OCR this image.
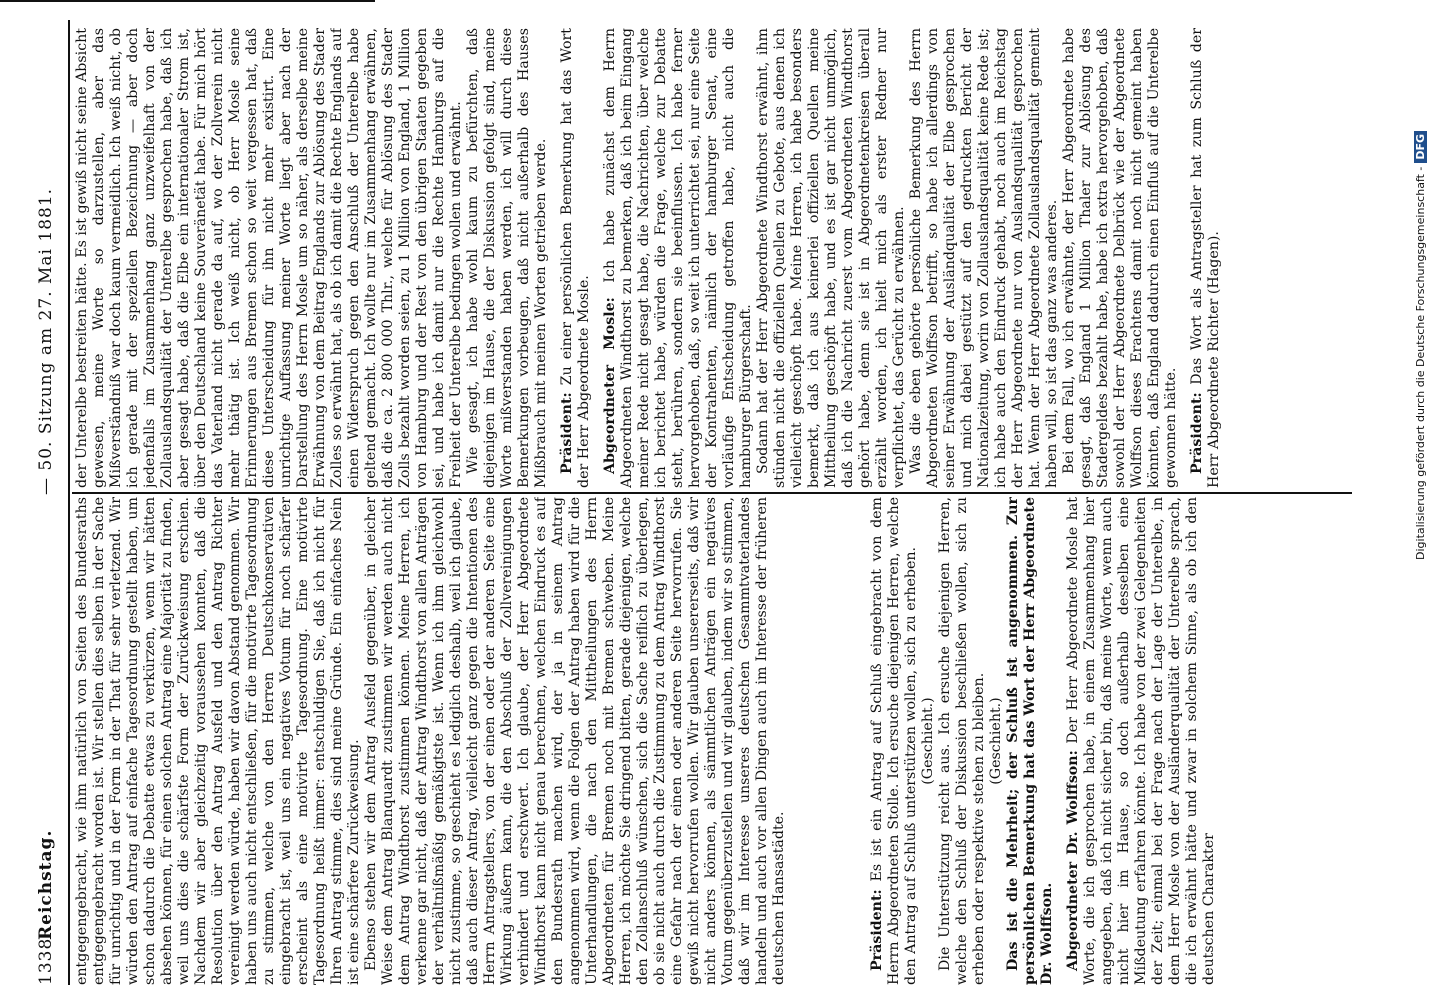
1338
Reichstag.
— 50. Sitzung am 27. Mai 1881.

entgegengebracht, wie ihm natürlich von Seiten des Bundesraths entgegengebracht worden ist. Wir stellen dies selben in der Sache für unrichtig und in der Form in der That für sehr verletzend. Wir würden den Antrag auf einfache Tagesordnung gestellt haben, um schon dadurch die Debatte etwas zu verkürzen, wenn wir hätten absehen können, für einen solchen Antrag eine Majorität zu finden, weil uns dies die schärfste Form der Zurückweisung erschien. Nachdem wir aber gleichzeitig voraussehen konnten, daß die Resolution über den Antrag Ausfeld und den Antrag Richter vereinigt werden würde, haben wir davon Abstand genommen. Wir haben uns auch nicht entschließen, für die motivirte Tagesordnung zu stimmen, welche von den Herren Deutschkonservativen eingebracht ist, weil uns ein negatives Votum für noch schärfer erscheint als eine motivirte Tagesordnung. Eine motivirte Tagesordnung heißt immer: entschuldigen Sie, daß ich nicht für Ihren Antrag stimme, dies sind meine Gründe. Ein einfaches Nein ist eine schärfere Zurückweisung. Ebenso stehen wir dem Antrag Ausfeld gegenüber, in gleicher Weise dem Antrag Blanquardt zustimmen wir werden auch nicht dem Antrag Windthorst zustimmen können. Meine Herren, ich verkenne gar nicht, daß der Antrag Windthorst von allen Anträgen der verhältnißmäßig gemäßigtste ist. Wenn ich ihm gleichwohl nicht zustimme, so geschieht es lediglich deshalb, weil ich glaube, daß auch dieser Antrag, vielleicht ganz gegen die Intentionen des Herrn Antragstellers, von der einen oder der anderen Seite eine Wirkung äußern kann, die den Abschluß der Zollvereinigungen verhindert und erschwert. Ich glaube, der Herr Abgeordnete Windthorst kann nicht genau berechnen, welchen Eindruck es auf den Bundesrath machen wird, der ja in seinem Antrag angenommen wird, wenn die Folgen der Antrag haben wird für die Unterhandlungen, die nach den Mittheilungen des Herrn Abgeordneten für Bremen noch mit Bremen schweben. Meine Herren, ich möchte Sie dringend bitten, gerade diejenigen, welche den Zollanschluß wünschen, sich die Sache reiflich zu überlegen, ob sie nicht auch durch die Zustimmung zu dem Antrag Windthorst eine Gefahr nach der einen oder anderen Seite hervorrufen. Sie gewiß nicht hervorrufen wollen. Wir glauben unsererseits, daß wir nicht anders können, als sämmtlichen Anträgen ein negatives Votum gegenüberzustellen und wir glauben, indem wir so stimmen, daß wir im Interesse unseres deutschen Gesammtvaterlandes handeln und auch vor allen Dingen auch im Interesse der früheren deutschen Hansastädte.	Präsident: Es ist ein Antrag auf Schluß eingebracht von dem Herrn Abgeordneten Stolle. Ich ersuche diejenigen Herren, welche den Antrag auf Schluß unterstützen wollen, sich zu erheben. (Geschieht.) Die Unterstützung reicht aus. Ich ersuche diejenigen Herren, welche den Schluß der Diskussion beschließen wollen, sich zu erheben oder respektive stehen zu bleiben. (Geschieht.) Das ist die Mehrheit; der Schluß ist angenommen. Zur persönlichen Bemerkung hat das Wort der Herr Abgeordnete Dr. Wolffson. Abgeordneter Dr. Wolffson: Der Herr Abgeordnete Mosle hat Worte, die ich gesprochen habe, in einem Zusammenhang hier angegeben, daß ich nicht sicher bin, daß meine Worte, wenn auch nicht hier im Hause, so doch außerhalb desselben eine Mißdeutung erfahren könnte. Ich habe von der zwei Gelegenheiten der Zeit; einmal bei der Frage nach der Lage der Unterelbe, in dem Herr Mosle von der Ausländerqualität der Unterelbe sprach, die ich erwähnt hätte und zwar in solchem Sinne, als ob ich den deutschen Charakter

der Unterelbe bestreiten hätte. Es ist gewiß nicht seine Absicht gewesen, meine Worte so darzustellen, aber das Mißverständniß war doch kaum vermeidlich. Ich weiß nicht, ob ich gerade mit der speziellen Bezeichnung — aber doch jedenfalls im Zusammenhang ganz unzweifelhaft von der Zollauslandsqualität der Unterelbe gesprochen habe, daß ich aber gesagt habe, daß die Elbe ein internationaler Strom ist, über den Deutschland keine Souveränetät habe. Für mich hört das Vaterland nicht gerade da auf, wo der Zollverein nicht mehr thätig ist. Ich weiß nicht, ob Herr Mosle seine Erinnerungen aus Bremen schon so weit vergessen hat, daß diese Unterscheidung für ihn nicht mehr existirt. Eine unrichtige Auffassung meiner Worte liegt aber nach der Darstellung des Herrn Mosle um so näher, als derselbe meine Erwähnung von dem Beitrag Englands zur Ablösung des Stader Zolles so erwähnt hat, als ob ich damit die Rechte Englands auf einen Widerspruch gegen den Anschluß der Unterelbe habe geltend gemacht. Ich wollte nur im Zusammenhang erwähnen, daß die ca. 2 800 000 Thlr., welche für Ablösung des Stader Zolls bezahlt worden seien, zu 1 Million von England, 1 Million von Hamburg und der Rest von den übrigen Staaten gegeben sei, und habe ich damit nur die Rechte Hamburgs auf die Freiheit der Unterelbe bedingen wollen und erwähnt. Wie gesagt, ich habe wohl kaum zu befürchten, daß diejenigen im Hause, die der Diskussion gefolgt sind, meine Worte mißverstanden haben werden, ich will durch diese Bemerkungen vorbeugen, daß nicht außerhalb des Hauses Mißbrauch mit meinen Worten getrieben werde. Präsident: Zu einer persönlichen Bemerkung hat das Wort der Herr Abgeordnete Mosle. Abgeordneter Mosle: Ich habe zunächst dem Herrn Abgeordneten Windthorst zu bemerken, daß ich beim Eingang meiner Rede nicht gesagt habe, die Nachrichten, über welche ich berichtet habe, würden die Frage, welche zur Debatte steht, berühren, sondern sie beeinflussen. Ich habe ferner hervorgehoben, daß, so weit ich unterrichtet sei, nur eine Seite der Kontrahenten, nämlich der hamburger Senat, eine vorläufige Entscheidung getroffen habe, nicht auch die hamburger Bürgerschaft. Sodann hat der Herr Abgeordnete Windthorst erwähnt, ihm stünden nicht die offiziellen Quellen zu Gebote, aus denen ich vielleicht geschöpft habe. Meine Herren, ich habe besonders bemerkt, daß ich aus keinerlei offiziellen Quellen meine Mittheilung geschöpft habe, und es ist gar nicht unmöglich, daß ich die Nachricht zuerst vom Abgeordneten Windthorst gehört habe, denn sie ist in Abgeordnetenkreisen überall erzählt worden, ich hielt mich als erster Redner nur verpflichtet, das Gerücht zu erwähnen. Was die eben gehörte persönliche Bemerkung des Herrn Abgeordneten Wolffson betrifft, so habe ich allerdings von seiner Erwähnung der Ausländqualität der Elbe gesprochen und mich dabei gestützt auf den gedruckten Bericht der Nationalzeitung, worin von Zollauslandsqualität keine Rede ist; ich habe auch den Eindruck gehabt, noch auch im Reichstag der Herr Abgeordnete nur von Auslandsqualität gesprochen hat. Wenn der Herr Abgeordnete Zollauslandsqualität gemeint haben will, so ist das ganz was anderes. Bei dem Fall, wo ich erwähnte, der Herr Abgeordnete habe gesagt, daß England 1 Million Thaler zur Ablösung des Stadergeldes bezahlt habe, habe ich extra hervorgehoben, daß sowohl der Herr Abgeordnete Delbrück wie der Abgeordnete Wolffson dieses Erachtens damit noch nicht gemeint haben könnten, daß England dadurch einen Einfluß auf die Unterelbe gewonnen hätte. Präsident: Das Wort als Antragsteller hat zum Schluß der Herr Abgeordnete Richter (Hagen).	Digitalisierung gefördert durch die Deutsche Forschungsgemeinschaft -DFG
